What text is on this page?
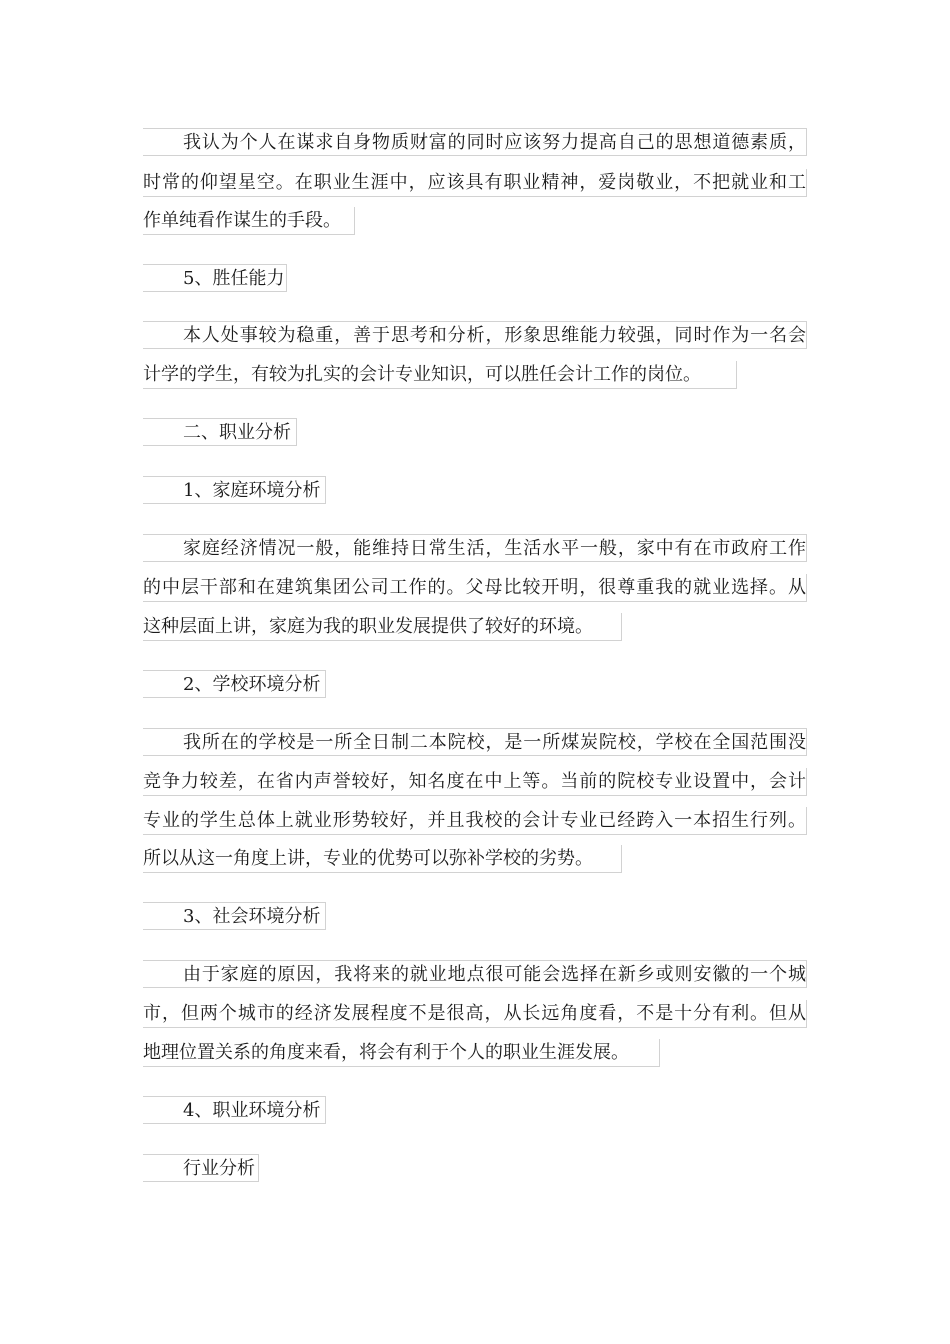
我认为个人在谋求自身物质财富的同时应该努力提高自己的思想道德素质，
时常的仰望星空。在职业生涯中，应该具有职业精神，爱岗敬业，不把就业和工
作单纯看作谋生的手段。
5、胜任能力
本人处事较为稳重，善于思考和分析，形象思维能力较强，同时作为一名会
计学的学生，有较为扎实的会计专业知识，可以胜任会计工作的岗位。
二、职业分析
1、家庭环境分析
家庭经济情况一般，能维持日常生活，生活水平一般，家中有在市政府工作
的中层干部和在建筑集团公司工作的。父母比较开明，很尊重我的就业选择。从
这种层面上讲，家庭为我的职业发展提供了较好的环境。
2、学校环境分析
我所在的学校是一所全日制二本院校，是一所煤炭院校，学校在全国范围没
竞争力较差，在省内声誉较好，知名度在中上等。当前的院校专业设置中，会计
专业的学生总体上就业形势较好，并且我校的会计专业已经跨入一本招生行列。
所以从这一角度上讲，专业的优势可以弥补学校的劣势。
3、社会环境分析
由于家庭的原因，我将来的就业地点很可能会选择在新乡或则安徽的一个城
市，但两个城市的经济发展程度不是很高，从长远角度看，不是十分有利。但从
地理位置关系的角度来看，将会有利于个人的职业生涯发展。
4、职业环境分析
行业分析
